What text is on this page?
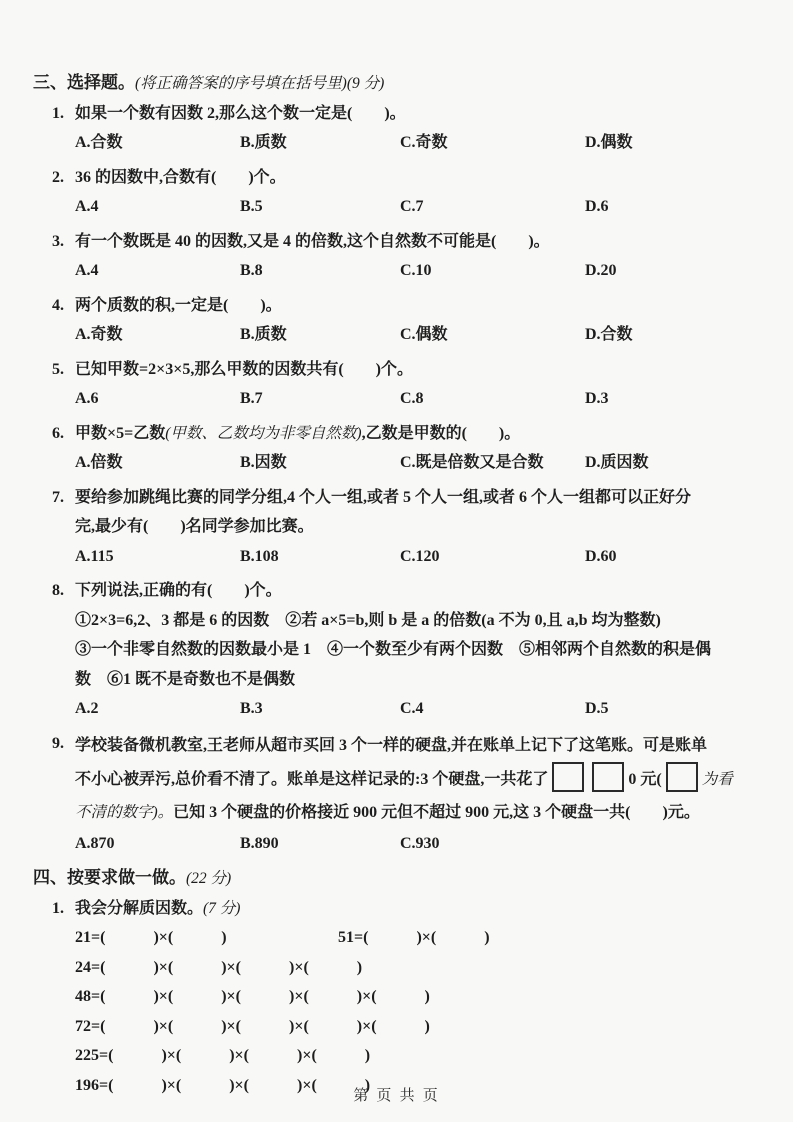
三、选择题。(将正确答案的序号填在括号里)(9 分)
1. 如果一个数有因数 2,那么这个数一定是(　　)。
A.合数	B.质数	C.奇数	D.偶数
2. 36 的因数中,合数有(　　)个。
A.4	B.5	C.7	D.6
3. 有一个数既是 40 的因数,又是 4 的倍数,这个自然数不可能是(　　)。
A.4	B.8	C.10	D.20
4. 两个质数的积,一定是(　　)。
A.奇数	B.质数	C.偶数	D.合数
5. 已知甲数=2×3×5,那么甲数的因数共有(　　)个。
A.6	B.7	C.8	D.3
6. 甲数×5=乙数(甲数、乙数均为非零自然数),乙数是甲数的(　　)。
A.倍数	B.因数	C.既是倍数又是合数	D.质因数
7. 要给参加跳绳比赛的同学分组,4 个人一组,或者 5 个人一组,或者 6 个人一组都可以正好分
完,最少有(　　)名同学参加比赛。
A.115	B.108	C.120	D.60
8. 下列说法,正确的有(　　)个。
①2×3=6,2、3 都是 6 的因数　②若 a×5=b,则 b 是 a 的倍数(a 不为 0,且 a,b 均为整数)
③一个非零自然数的因数最小是 1　④一个数至少有两个因数　⑤相邻两个自然数的积是偶
数　⑥1 既不是奇数也不是偶数
A.2	B.3	C.4	D.5
9. 学校装备微机教室,王老师从超市买回 3 个一样的硬盘,并在账单上记下了这笔账。可是账单
不小心被弄污,总价看不清了。账单是这样记录的:3 个硬盘,一共花了	0 元(	为看
不清的数字)。已知 3 个硬盘的价格接近 900 元但不超过 900 元,这 3 个硬盘一共(　　)元。
A.870	B.890	C.930
四、按要求做一做。(22 分)
1. 我会分解质因数。(7 分)
21=(　　　)×(　　　)	51=(　　　)×(　　　)
24=(　　　)×(　　　)×(　　　)×(　　　)
48=(　　　)×(　　　)×(　　　)×(　　　)×(　　　)
72=(　　　)×(　　　)×(　　　)×(　　　)×(　　　)
225=(　　　)×(　　　)×(　　　)×(　　　)
196=(　　　)×(　　　)×(　　　)×(　　　)
第 页 共 页
